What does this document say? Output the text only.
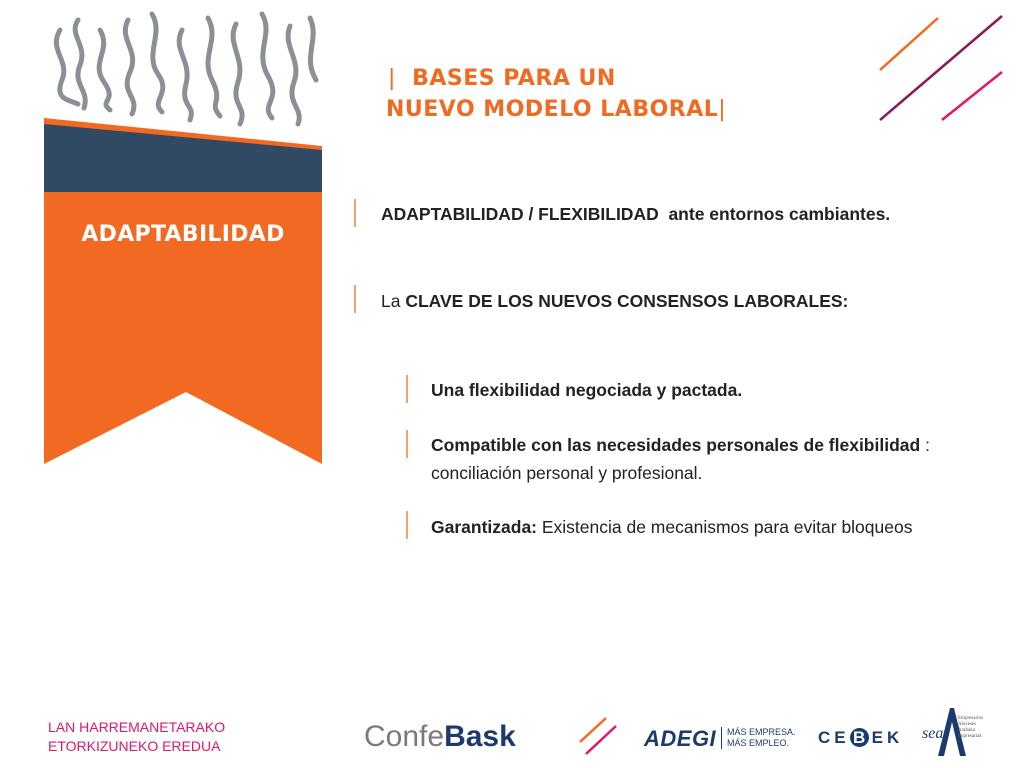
ADAPTABILIDAD
| BASES PARA UN
NUEVO MODELO LABORAL|
ADAPTABILIDAD / FLEXIBILIDAD  ante entornos cambiantes.
La CLAVE DE LOS NUEVOS CONSENSOS LABORALES:
Una flexibilidad negociada y pactada.
Compatible con las necesidades personales de flexibilidad :
conciliación personal y profesional.
Garantizada: Existencia de mecanismos para evitar bloqueos
LAN HARREMANETARAKO
ETORKIZUNEKO EREDUA	ConfeBask	ADEGI MÁS EMPRESA.
MÁS EMPLEO.	CE B EK sea
Empresarios
Alaveses
Arabako
Enpresariak
